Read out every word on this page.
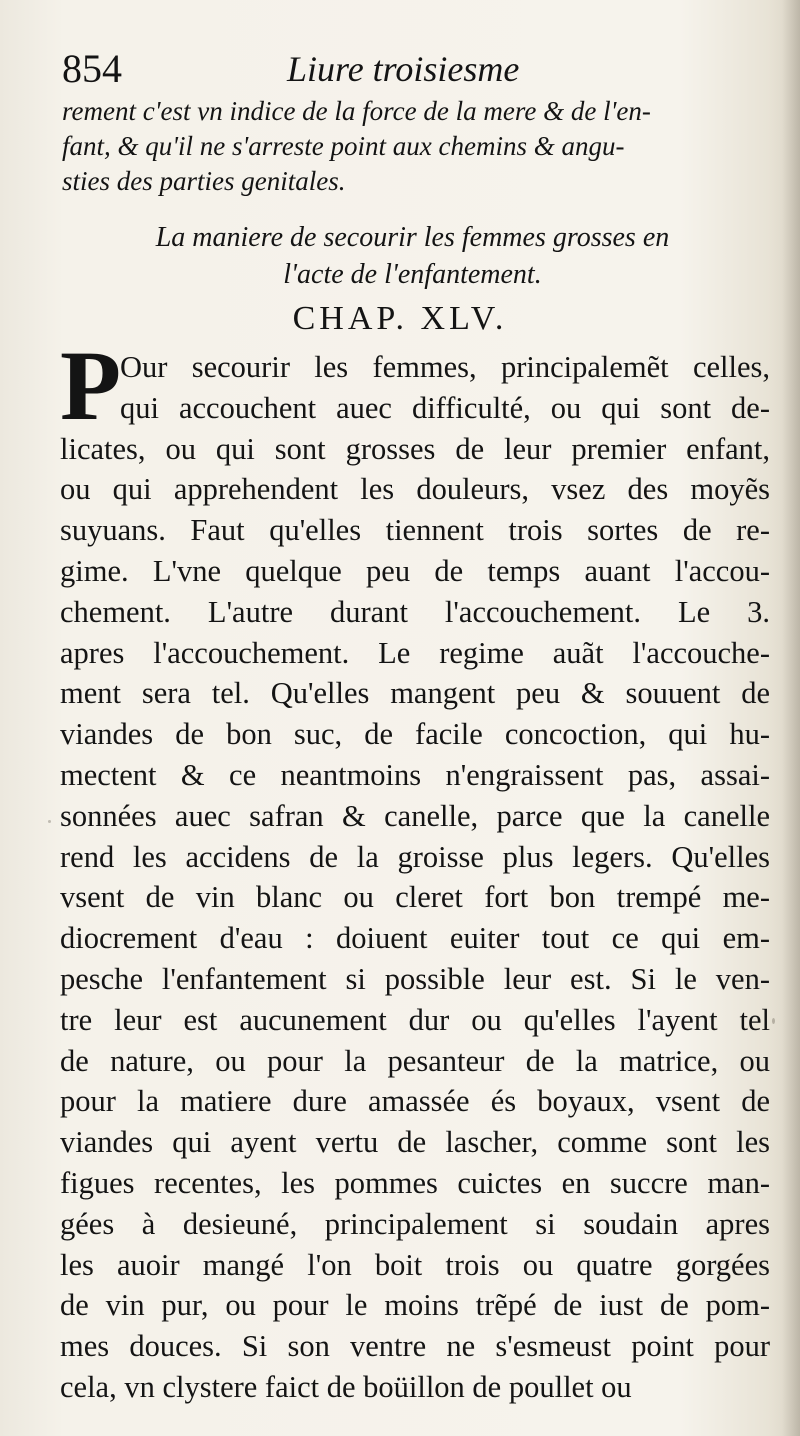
854	Liure troisiesme
rement c'est vn indice de la force de la mere & de l'en-
fant, & qu'il ne s'arreste point aux chemins & angu-
sties des parties genitales.
La maniere de secourir les femmes grosses en
l'acte de l'enfantement.
CHAP. XLV.
P
Our secourir les femmes, principalemẽt celles,
qui accouchent auec difficulté, ou qui sont de-
licates, ou qui sont grosses de leur premier enfant,
ou qui apprehendent les douleurs, vsez des moyẽs
suyuans. Faut qu'elles tiennent trois sortes de re-
gime. L'vne quelque peu de temps auant l'accou-
chement. L'autre durant l'accouchement. Le 3.
apres l'accouchement. Le regime auãt l'accouche-
ment sera tel. Qu'elles mangent peu & souuent de
viandes de bon suc, de facile concoction, qui hu-
mectent & ce neantmoins n'engraissent pas, assai-
sonnées auec safran & canelle, parce que la canelle
rend les accidens de la groisse plus legers. Qu'elles
vsent de vin blanc ou cleret fort bon trempé me-
diocrement d'eau : doiuent euiter tout ce qui em-
pesche l'enfantement si possible leur est. Si le ven-
tre leur est aucunement dur ou qu'elles l'ayent tel
de nature, ou pour la pesanteur de la matrice, ou
pour la matiere dure amassée és boyaux, vsent de
viandes qui ayent vertu de lascher, comme sont les
figues recentes, les pommes cuictes en succre man-
gées à desieuné, principalement si soudain apres
les auoir mangé l'on boit trois ou quatre gorgées
de vin pur, ou pour le moins trẽpé de iust de pom-
mes douces. Si son ventre ne s'esmeust point pour
cela, vn clystere faict de boüillon de poullet ou
